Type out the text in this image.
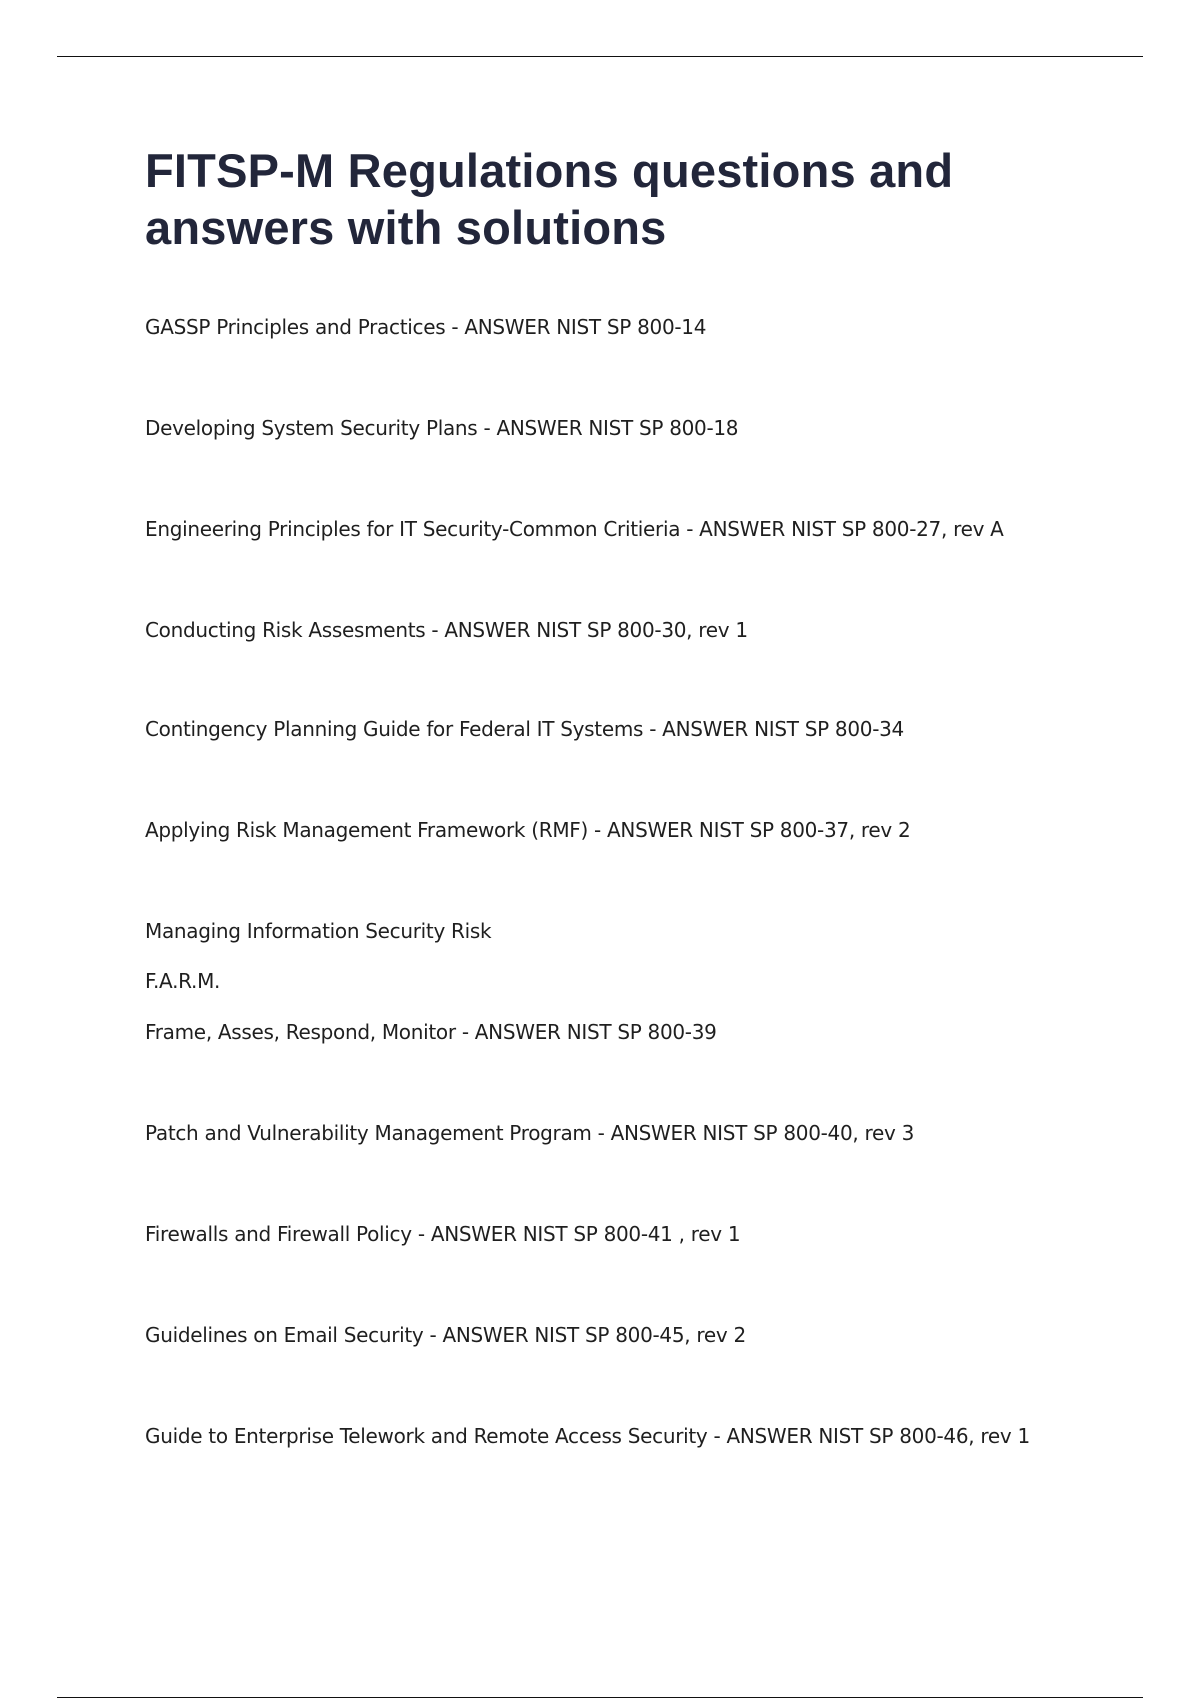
FITSP-M Regulations questions and answers with solutions

GASSP Principles and Practices - ANSWER NIST SP 800-14

Developing System Security Plans - ANSWER NIST SP 800-18

Engineering Principles for IT Security-Common Critieria - ANSWER NIST SP 800-27, rev A

Conducting Risk Assesments - ANSWER NIST SP 800-30, rev 1

Contingency Planning Guide for Federal IT Systems - ANSWER NIST SP 800-34

Applying Risk Management Framework (RMF) - ANSWER NIST SP 800-37, rev 2

Managing Information Security Risk

F.A.R.M.

Frame, Asses, Respond, Monitor - ANSWER NIST SP 800-39

Patch and Vulnerability Management Program - ANSWER NIST SP 800-40, rev 3

Firewalls and Firewall Policy - ANSWER NIST SP 800-41 , rev 1

Guidelines on Email Security - ANSWER NIST SP 800-45, rev 2

Guide to Enterprise Telework and Remote Access Security - ANSWER NIST SP 800-46, rev 1
